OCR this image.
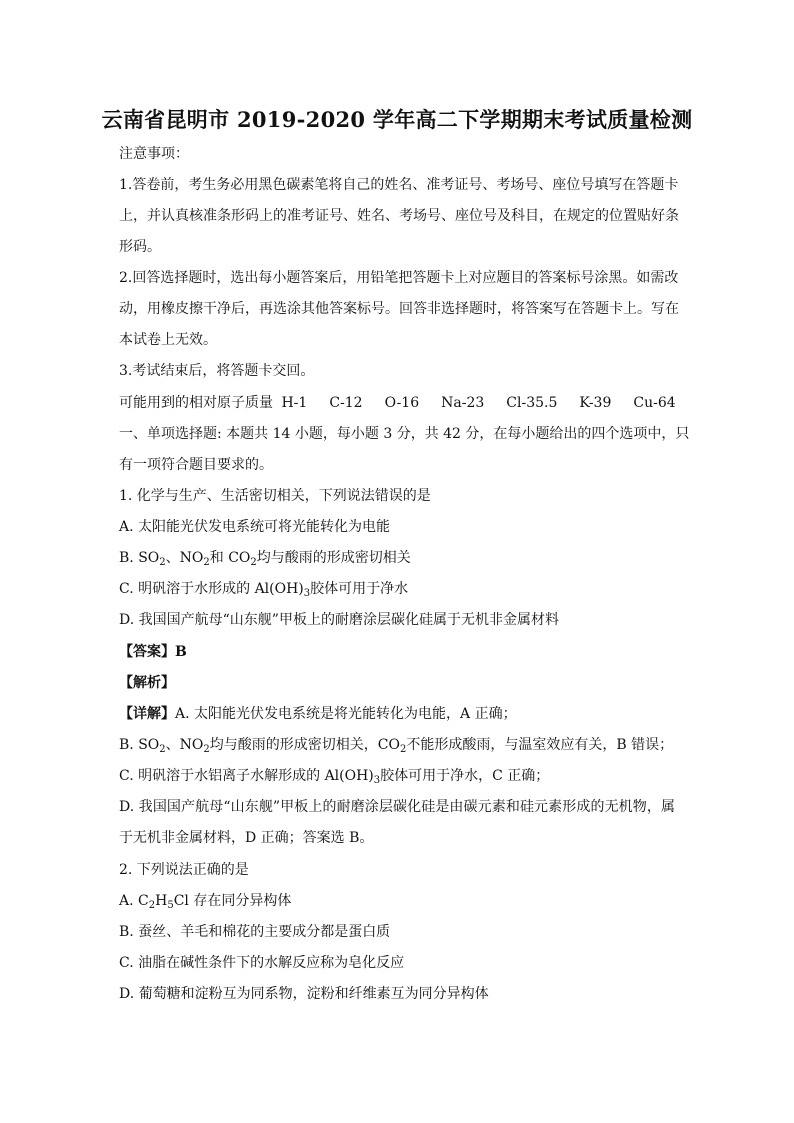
云南省昆明市 2019-2020 学年高二下学期期末考试质量检测
注意事项：
1.答卷前，考生务必用黑色碳素笔将自己的姓名、准考证号、考场号、座位号填写在答题卡
上，并认真核准条形码上的准考证号、姓名、考场号、座位号及科目，在规定的位置贴好条
形码。
2.回答选择题时，选出每小题答案后，用铅笔把答题卡上对应题目的答案标号涂黑。如需改
动，用橡皮擦干净后，再选涂其他答案标号。回答非选择题时，将答案写在答题卡上。写在
本试卷上无效。
3.考试结束后，将答题卡交回。
可能用到的相对原子质量 H-1 C-12 O-16 Na-23 Cl-35.5 K-39 Cu-64
一、单项选择题: 本题共 14 小题，每小题 3 分，共 42 分，在每小题给出的四个选项中，只
有一项符合题目要求的。
1. 化学与生产、生活密切相关，下列说法错误的是
A. 太阳能光伏发电系统可将光能转化为电能
B. $SO_2$、$NO_2$和 $CO_2$均与酸雨的形成密切相关
C. 明矾溶于水形成的 $Al(OH)_3$胶体可用于净水
D. 我国国产航母“山东舰”甲板上的耐磨涂层碳化硅属于无机非金属材料
【答案】B
【解析】
【详解】A. 太阳能光伏发电系统是将光能转化为电能，A 正确；
B. $SO_2$、$NO_2$均与酸雨的形成密切相关，$CO_2$不能形成酸雨，与温室效应有关，B 错误；
C. 明矾溶于水铝离子水解形成的 $Al(OH)_3$胶体可用于净水，C 正确；
D. 我国国产航母“山东舰”甲板上的耐磨涂层碳化硅是由碳元素和硅元素形成的无机物，属
于无机非金属材料，D 正确；答案选 B。
2. 下列说法正确的是
A. $C_2H_5Cl$ 存在同分异构体
B. 蚕丝、羊毛和棉花的主要成分都是蛋白质
C. 油脂在碱性条件下的水解反应称为皂化反应
D. 葡萄糖和淀粉互为同系物，淀粉和纤维素互为同分异构体
